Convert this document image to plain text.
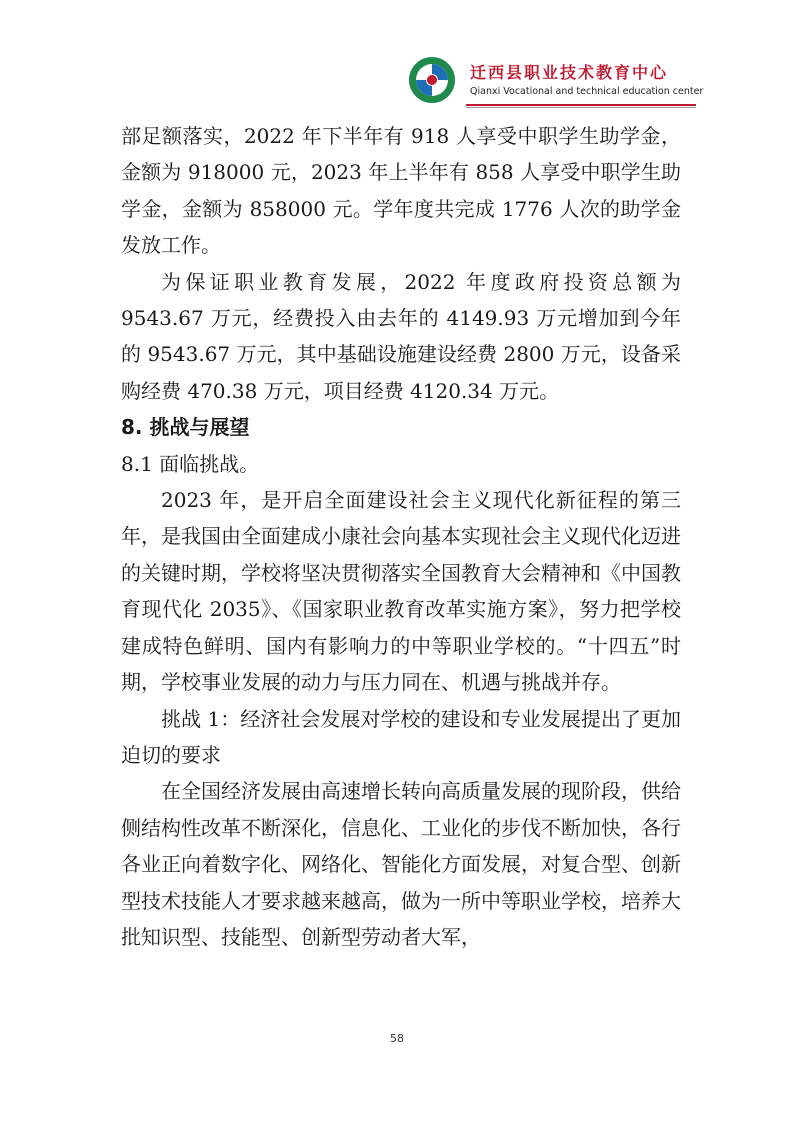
迁西县职业技术教育中心
Qianxi Vocational and technical education center

部足额落实，2022 年下半年有 918 人享受中职学生助学金，金额为 918000 元，2023 年上半年有 858 人享受中职学生助学金，金额为 858000 元。学年度共完成 1776 人次的助学金发放工作。

为保证职业教育发展，2022 年度政府投资总额为 9543.67 万元，经费投入由去年的 4149.93 万元增加到今年的 9543.67 万元，其中基础设施建设经费 2800 万元，设备采购经费 470.38 万元，项目经费 4120.34 万元。

8. 挑战与展望

8.1 面临挑战。

2023 年，是开启全面建设社会主义现代化新征程的第三年，是我国由全面建成小康社会向基本实现社会主义现代化迈进的关键时期，学校将坚决贯彻落实全国教育大会精神和《中国教育现代化 2035》、《国家职业教育改革实施方案》，努力把学校建成特色鲜明、国内有影响力的中等职业学校的。“十四五”时期，学校事业发展的动力与压力同在、机遇与挑战并存。

挑战 1：经济社会发展对学校的建设和专业发展提出了更加迫切的要求

在全国经济发展由高速增长转向高质量发展的现阶段，供给侧结构性改革不断深化，信息化、工业化的步伐不断加快，各行各业正向着数字化、网络化、智能化方面发展，对复合型、创新型技术技能人才要求越来越高，做为一所中等职业学校，培养大批知识型、技能型、创新型劳动者大军，

58
